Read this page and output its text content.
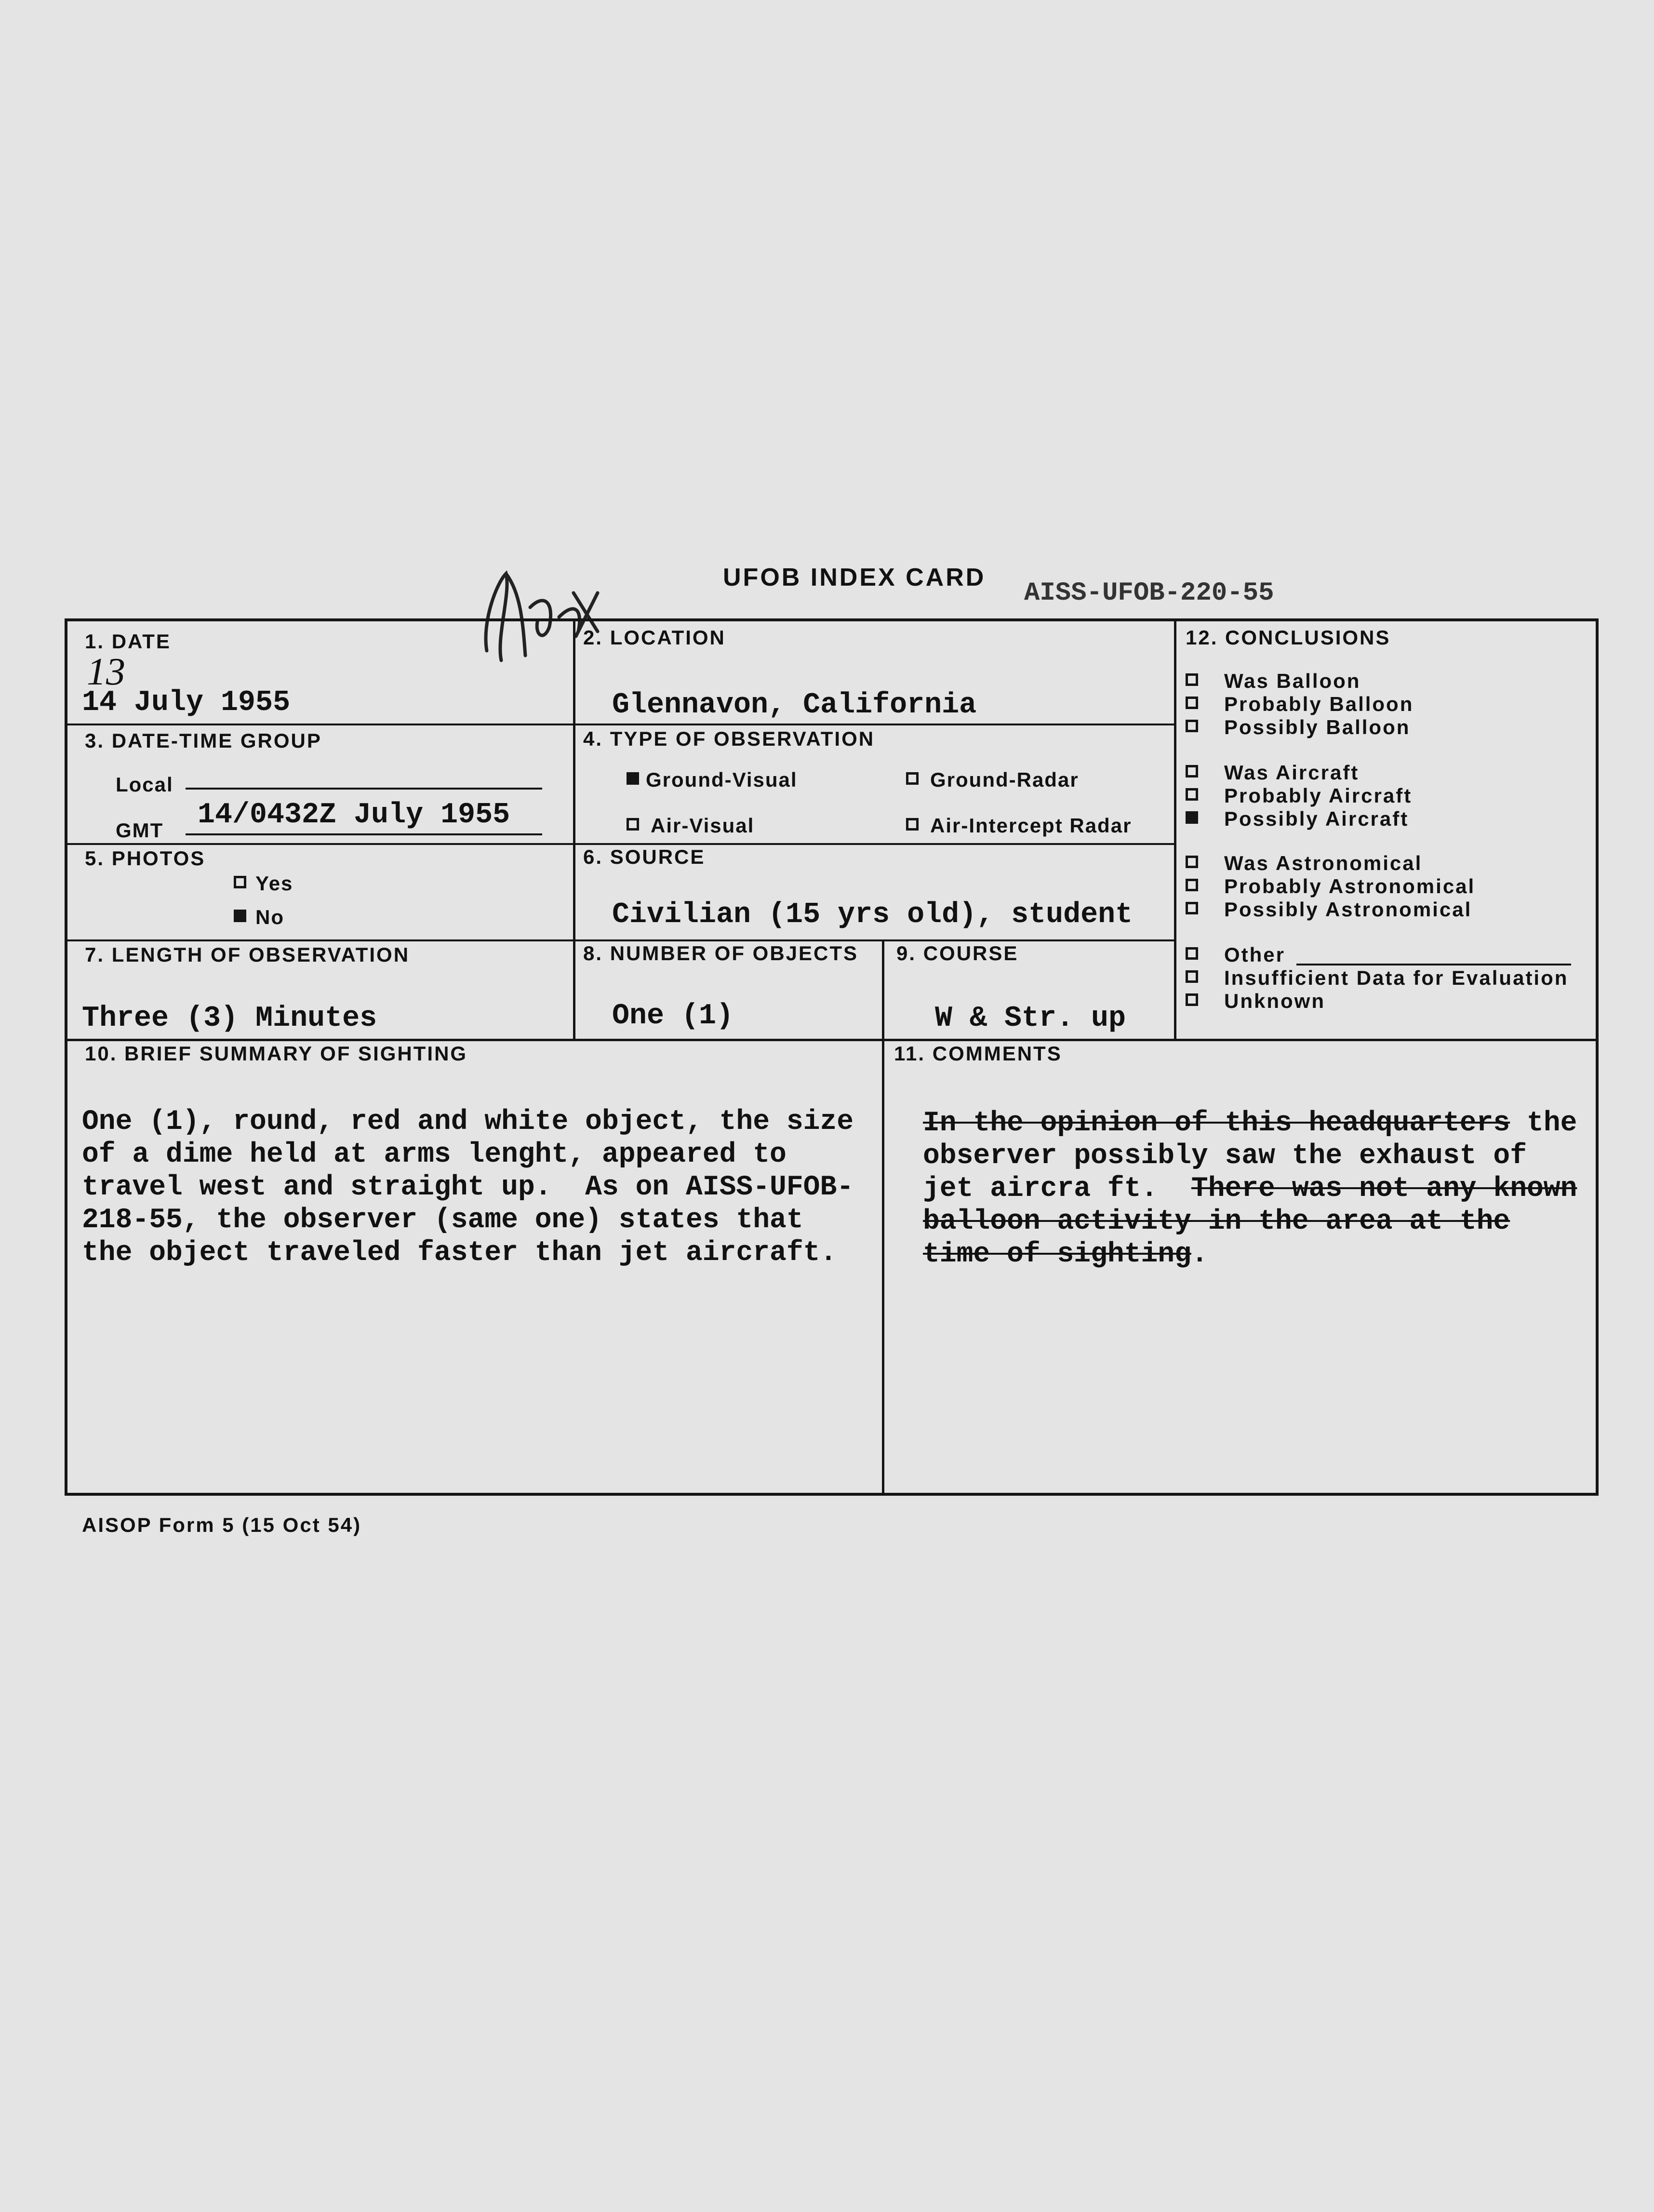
UFOB INDEX CARD
AISS-UFOB-220-55
1. DATE
13
14 July 1955
2. LOCATION
Glennavon, California
3. DATE-TIME GROUP
Local
GMT 14/0432Z July 1955
4. TYPE OF OBSERVATION
Ground-Visual	Ground-Radar
Air-Visual	Air-Intercept Radar
5. PHOTOS
Yes
No
6. SOURCE
Civilian (15 yrs old), student
7. LENGTH OF OBSERVATION
Three (3) Minutes
8. NUMBER OF OBJECTS
One (1)
9. COURSE
W & Str. up
10. BRIEF SUMMARY OF SIGHTING
One (1), round, red and white object, the size
of a dime held at arms lenght, appeared to
travel west and straight up.  As on AISS-UFOB-
218-55, the observer (same one) states that
the object traveled faster than jet aircraft.
11. COMMENTS
In the opinion of this headquarters the
observer possibly saw the exhaust of
jet aircra ft.  There was not any known
balloon activity in the area at the
time of sighting.
12. CONCLUSIONS
Was Balloon
Probably Balloon
Possibly Balloon
Was Aircraft
Probably Aircraft
Possibly Aircraft
Was Astronomical
Probably Astronomical
Possibly Astronomical
Other
Insufficient Data for Evaluation
Unknown
AISOP Form 5 (15 Oct 54)
